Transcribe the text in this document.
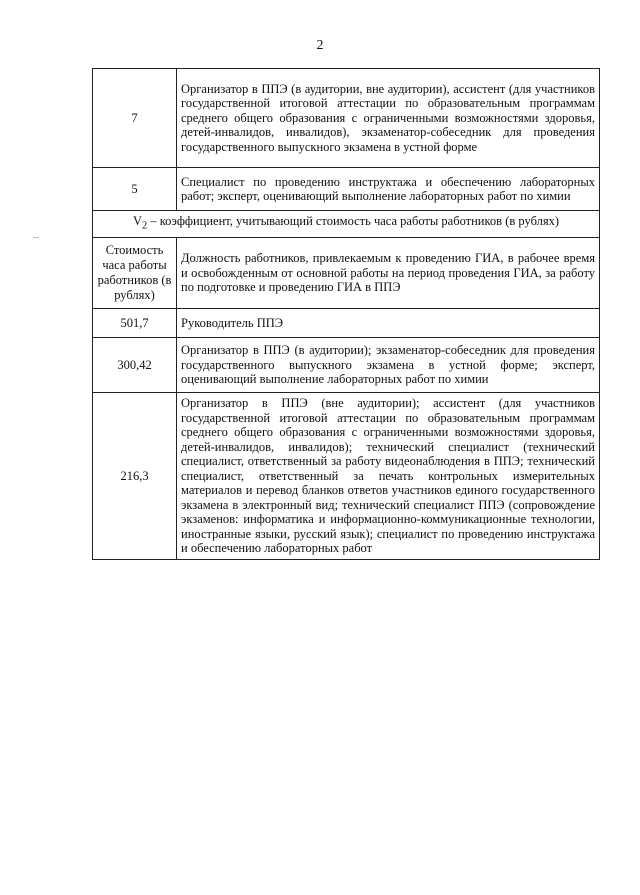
2
7	Организатор в ППЭ (в аудитории, вне аудитории), ассистент (для участников государственной итоговой аттестации по образовательным программам среднего общего образования с ограниченными возможностями здоровья, детей-инвалидов, инвалидов), экзаменатор-собеседник для проведения государственного выпускного экзамена в устной форме
5	Специалист по проведению инструктажа и обеспечению лабораторных работ; эксперт, оценивающий выполнение лабораторных работ по химии
$V_2$ – коэффициент, учитывающий стоимость часа работы работников (в рублях)	
Стоимость часа работы работников (в рублях)	Должность работников, привлекаемым к проведению ГИА, в рабочее время и освобожденным от основной работы на период проведения ГИА, за работу по подготовке и проведению ГИА в ППЭ
501,7	Руководитель ППЭ
300,42	Организатор в ППЭ (в аудитории); экзаменатор-собеседник для проведения государственного выпускного экзамена в устной форме; эксперт, оценивающий выполнение лабораторных работ по химии
216,3	Организатор в ППЭ (вне аудитории); ассистент (для участников государственной итоговой аттестации по образовательным программам среднего общего образования с ограниченными возможностями здоровья, детей-инвалидов, инвалидов); технический специалист (технический специалист, ответственный за работу видеонаблюдения в ППЭ; технический специалист, ответственный за печать контрольных измерительных материалов и перевод бланков ответов участников единого государственного экзамена в электронный вид; технический специалист ППЭ (сопровождение экзаменов: информатика и информационно-коммуникационные технологии, иностранные языки, русский язык); специалист по проведению инструктажа и обеспечению лабораторных работ
